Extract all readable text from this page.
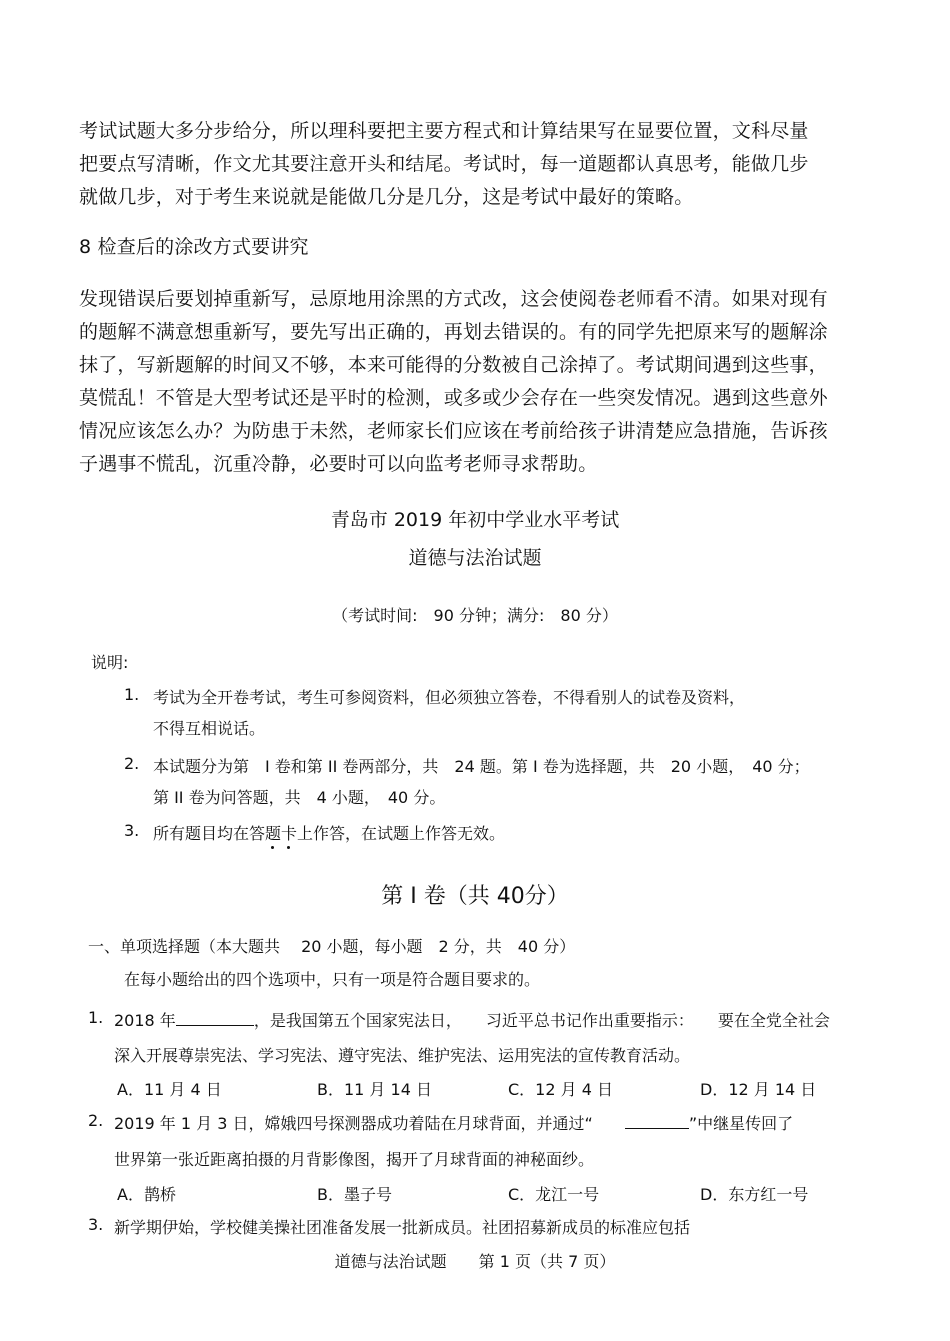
考试试题大多分步给分，所以理科要把主要方程式和计算结果写在显要位置，文科尽量
把要点写清晰，作文尤其要注意开头和结尾。考试时，每一道题都认真思考，能做几步
就做几步，对于考生来说就是能做几分是几分，这是考试中最好的策略。
8 检查后的涂改方式要讲究
发现错误后要划掉重新写，忌原地用涂黑的方式改，这会使阅卷老师看不清。如果对现有
的题解不满意想重新写，要先写出正确的，再划去错误的。有的同学先把原来写的题解涂
抹了，写新题解的时间又不够，本来可能得的分数被自己涂掉了。考试期间遇到这些事，
莫慌乱！不管是大型考试还是平时的检测，或多或少会存在一些突发情况。遇到这些意外
情况应该怎么办？为防患于未然，老师家长们应该在考前给孩子讲清楚应急措施，告诉孩
子遇事不慌乱，沉重冷静，必要时可以向监考老师寻求帮助。
青岛市 2019 年初中学业水平考试
道德与法治试题
（考试时间:　90 分钟；满分:　80 分）
说明:
1. 考试为全开卷考试，考生可参阅资料，但必须独立答卷，不得看别人的试卷及资料，
不得互相说话。
2. 本试题分为第　I 卷和第 II 卷两部分，共　24 题。第 I 卷为选择题，共　20 小题，　40 分；
第 II 卷为问答题，共　4 小题，　40 分。
3. 所有题目均在答题卡
上作答，在试题上作答无效。
第 I 卷（共 40分）
一、单项选择题（本大题共　 20 小题，每小题　2 分，共　40 分）
在每小题给出的四个选项中，只有一项是符合题目要求的。
1. 2018 年	，是我国第五个国家宪法日，　　习近平总书记作出重要指示：　　要在全党全社会
深入开展尊崇宪法、学习宪法、遵守宪法、维护宪法、运用宪法的宣传教育活动。
A．11 月 4 日	B．11 月 14 日	C．12 月 4 日	D．12 月 14 日
2. 2019 年 1 月 3 日，嫦娥四号探测器成功着陆在月球背面，并通过“　　	”中继星传回了
世界第一张近距离拍摄的月背影像图，揭开了月球背面的神秘面纱。
A．鹊桥	B．墨子号	C．龙江一号	D．东方红一号
3. 新学期伊始，学校健美操社团准备发展一批新成员。社团招募新成员的标准应包括
道德与法治试题　　第 1 页（共 7 页）
